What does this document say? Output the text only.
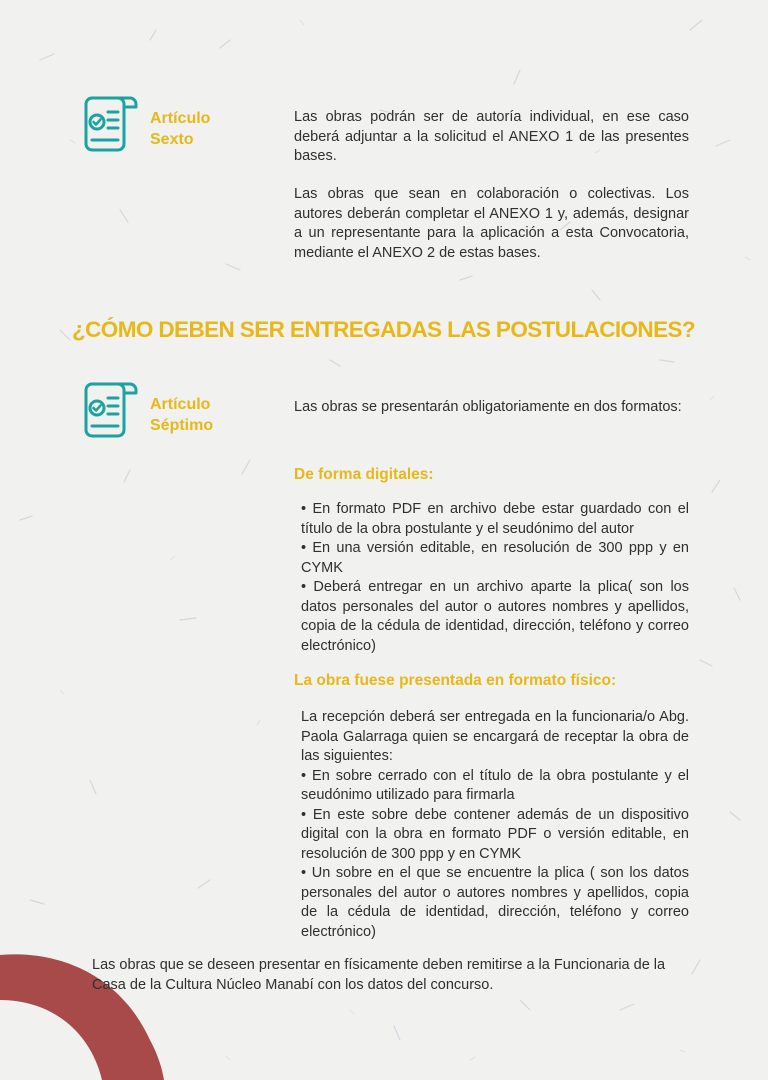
Artículo
Sexto

Las obras podrán ser de autoría individual, en ese caso deberá adjuntar a la solicitud el ANEXO 1 de las presentes bases.

Las obras que sean en colaboración o colectivas. Los autores deberán completar el ANEXO 1 y, además, designar a un representante para la aplicación a esta Convocatoria, mediante el ANEXO 2 de estas bases.

¿CÓMO DEBEN SER ENTREGADAS LAS POSTULACIONES?
Artículo
Séptimo

Las obras se presentarán obligatoriamente en dos formatos:

De forma digitales:
• En formato PDF en archivo debe estar guardado con el título de la obra postulante y el seudónimo del autor
• En una versión editable, en resolución de 300 ppp y en CYMK
• Deberá entregar en un archivo aparte la plica( son los datos personales del autor o autores nombres y apellidos, copia de la cédula de identidad, dirección, teléfono y correo electrónico)
La obra fuese presentada en formato físico:
La recepción deberá ser entregada en la funcionaria/o Abg. Paola Galarraga quien se encargará de receptar la obra de las siguientes:
• En sobre cerrado con el título de la obra postulante y el seudónimo utilizado para firmarla
• En este sobre debe contener además de un dispositivo digital con la obra en formato PDF o versión editable, en resolución de 300 ppp y en CYMK
• Un sobre en el que se encuentre la plica ( son los datos personales del autor o autores nombres y apellidos, copia de la cédula de identidad, dirección, teléfono y correo electrónico)

Las obras que se deseen presentar en físicamente deben remitirse a la Funcionaria de la Casa de la Cultura Núcleo Manabí con los datos del concurso.
